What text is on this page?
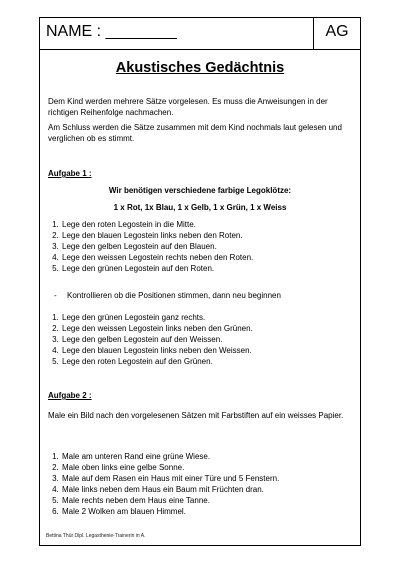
NAME : ________	AG
Akustisches Gedächtnis

Dem Kind werden mehrere Sätze vorgelesen. Es muss die Anweisungen in der richtigen Reihenfolge nachmachen.

Am Schluss werden die Sätze zusammen mit dem Kind nochmals laut gelesen und verglichen ob es stimmt.

Aufgabe 1 :
Wir benötigen verschiedene farbige Legoklötze:
1 x Rot, 1x Blau, 1 x Gelb, 1 x Grün, 1 x Weiss
1. Lege den roten Legostein in die Mitte.
2. Lege den blauen Legostein links neben den Roten.
3. Lege den gelben Legostein auf den Blauen.
4. Lege den weissen Legostein rechts neben den Roten.
5. Lege den grünen Legostein auf den Roten.
- Kontrollieren ob die Positionen stimmen, dann neu beginnen
1. Lege den grünen Legostein ganz rechts.
2. Lege den weissen Legostein links neben den Grünen.
3. Lege den gelben Legostein auf den Weissen.
4. Lege den blauen Legostein links neben den Weissen.
5. Lege den roten Legostein auf den Grünen.
Aufgabe 2 :

Male ein Bild nach den vorgelesenen Sätzen mit Farbstiften auf ein weisses Papier.

1. Male am unteren Rand eine grüne Wiese.
2. Male oben links eine gelbe Sonne.
3. Male auf dem Rasen ein Haus mit einer Türe und 5 Fenstern.
4. Male links neben dem Haus ein Baum mit Früchten dran.
5. Male rechts neben dem Haus eine Tanne.
6. Male 2 Wolken am blauen Himmel.
Bettina Thür Dipl. Legasthenie-Trainerin in A.
